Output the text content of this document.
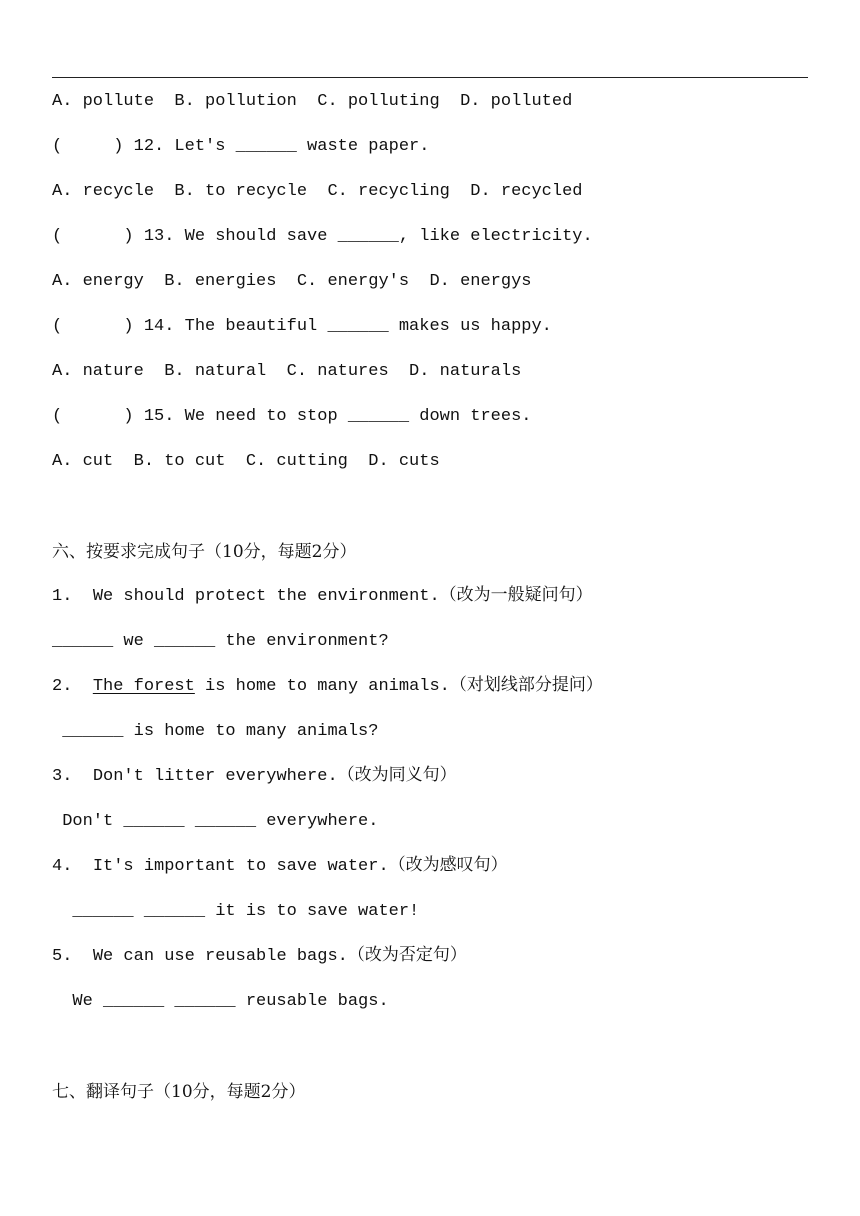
A. pollute  B. pollution  C. polluting  D. polluted
(     ) 12. Let's ______ waste paper.
A. recycle  B. to recycle  C. recycling  D. recycled
(      ) 13. We should save ______, like electricity.
A. energy  B. energies  C. energy's  D. energys
(      ) 14. The beautiful ______ makes us happy.
A. nature  B. natural  C. natures  D. naturals
(      ) 15. We need to stop ______ down trees.
A. cut  B. to cut  C. cutting  D. cuts
六、按要求完成句子（10分，每题2分）
1. We should protect the environment.（改为一般疑问句）
______ we ______ the environment?
2. The forest is home to many animals.（对划线部分提问）
______ is home to many animals?
3. Don't litter everywhere.（改为同义句）
Don't ______ ______ everywhere.
4. It's important to save water.（改为感叹句）
______ ______ it is to save water!
5. We can use reusable bags.（改为否定句）
We ______ ______ reusable bags.
七、翻译句子（10分，每题2分）
